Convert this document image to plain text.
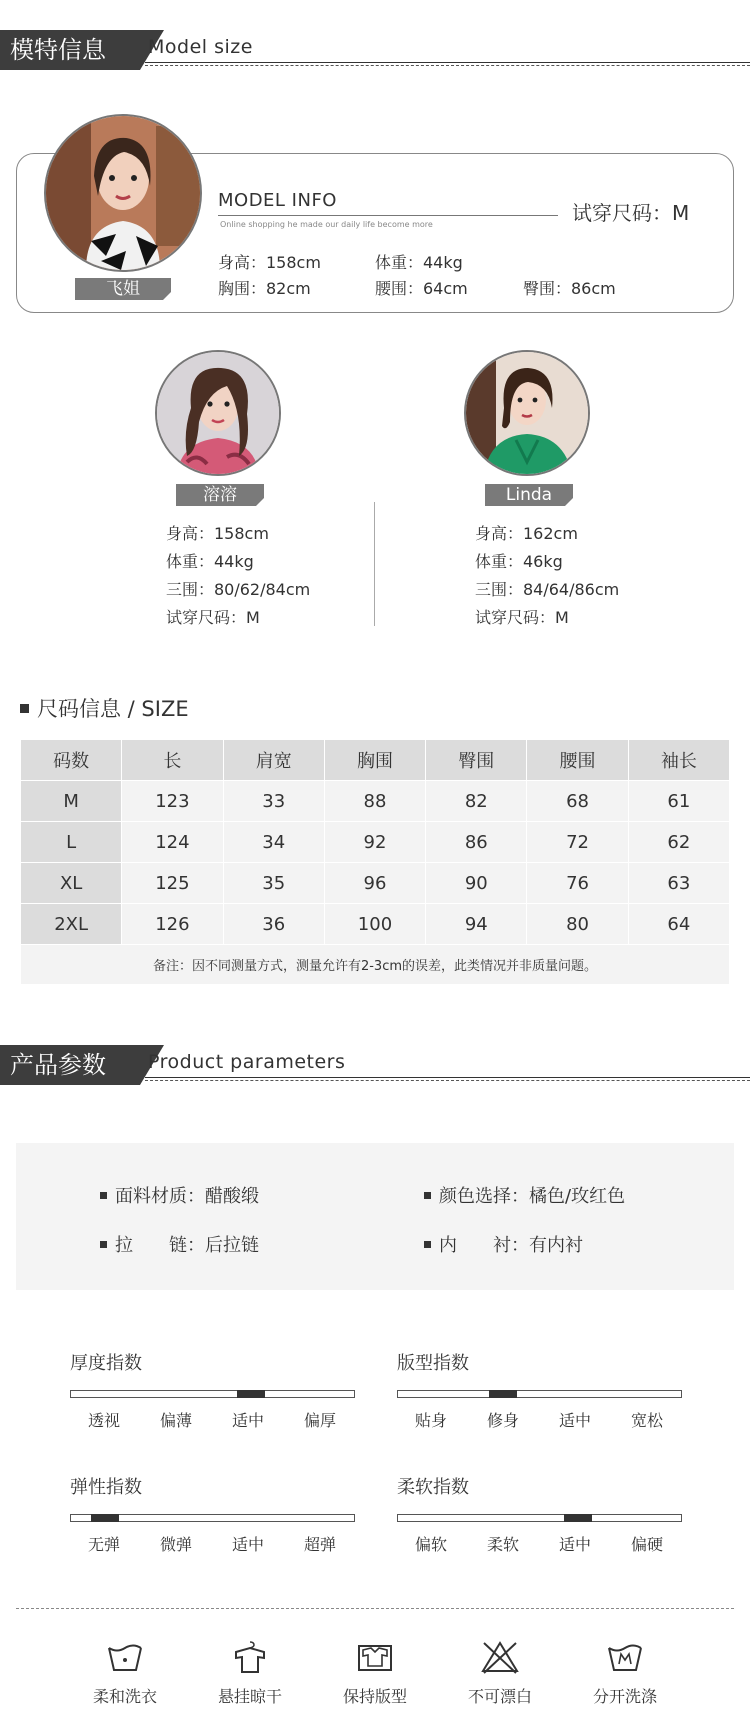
模特信息	Model size
飞姐
MODEL INFO
Online shopping he made our daily life become more	试穿尺码：M
身高：158cm	体重：44kg
胸围：82cm	腰围：64cm	臀围：86cm
溶溶
身高：158cm
体重：44kg
三围：80/62/84cm
试穿尺码：M
Linda
身高：162cm
体重：46kg
三围：84/64/86cm
试穿尺码：M
尺码信息 / SIZE
码数	长	肩宽	胸围	臀围	腰围	袖长
M	123	33	88	82	68	61
L	124	34	92	86	72	62
XL	125	35	96	90	76	63
2XL	126	36	100	94	80	64
备注：因不同测量方式，测量允许有2-3cm的误差，此类情况并非质量问题。						
产品参数	Product parameters
面料材质：醋酸缎	颜色选择：橘色/玫红色
拉　　链：后拉链	内　　衬：有内衬
厚度指数
透视	偏薄	适中	偏厚
版型指数
贴身	修身	适中	宽松
弹性指数
无弹	微弹	适中	超弹
柔软指数
偏软	柔软	适中	偏硬
柔和洗衣	悬挂晾干	保持版型	不可漂白	分开洗涤
